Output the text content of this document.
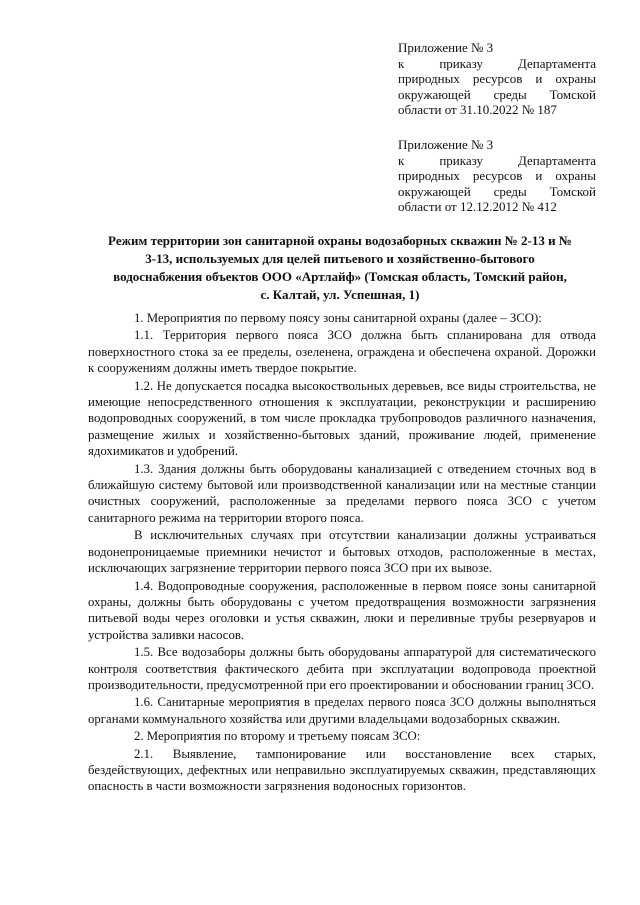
Приложение № 3
к	приказу	Департамента
природных ресурсов и охраны
окружающей среды Томской
области от 31.10.2022 № 187
Приложение № 3
к	приказу	Департамента
природных ресурсов и охраны
окружающей среды Томской
области от 12.12.2012 № 412
Режим территории зон санитарной охраны водозаборных скважин № 2-13 и №
3-13, используемых для целей питьевого и хозяйственно-бытового
водоснабжения объектов ООО «Артлайф» (Томская область, Томский район,
с. Калтай, ул. Успешная, 1)

1. Мероприятия по первому поясу зоны санитарной охраны (далее – ЗСО):

1.1. Территория первого пояса ЗСО должна быть спланирована для отвода поверхностного стока за ее пределы, озеленена, ограждена и обеспечена охраной. Дорожки к сооружениям должны иметь твердое покрытие.

1.2. Не допускается посадка высокоствольных деревьев, все виды строительства, не имеющие непосредственного отношения к эксплуатации, реконструкции и расширению водопроводных сооружений, в том числе прокладка трубопроводов различного назначения, размещение жилых и хозяйственно-бытовых зданий, проживание людей, применение ядохимикатов и удобрений.

1.3. Здания должны быть оборудованы канализацией с отведением сточных вод в ближайшую систему бытовой или производственной канализации или на местные станции очистных сооружений, расположенные за пределами первого пояса ЗСО с учетом санитарного режима на территории второго пояса.

В исключительных случаях при отсутствии канализации должны устраиваться водонепроницаемые приемники нечистот и бытовых отходов, расположенные в местах, исключающих загрязнение территории первого пояса ЗСО при их вывозе.

1.4. Водопроводные сооружения, расположенные в первом поясе зоны санитарной охраны, должны быть оборудованы с учетом предотвращения возможности загрязнения питьевой воды через оголовки и устья скважин, люки и переливные трубы резервуаров и устройства заливки насосов.

1.5. Все водозаборы должны быть оборудованы аппаратурой для систематического контроля соответствия фактического дебита при эксплуатации водопровода проектной производительности, предусмотренной при его проектировании и обосновании границ ЗСО.

1.6. Санитарные мероприятия в пределах первого пояса ЗСО должны выполняться органами коммунального хозяйства или другими владельцами водозаборных скважин.

2. Мероприятия по второму и третьему поясам ЗСО:

2.1. Выявление, тампонирование или восстановление всех старых, бездействующих, дефектных или неправильно эксплуатируемых скважин, представляющих опасность в части возможности загрязнения водоносных горизонтов.
